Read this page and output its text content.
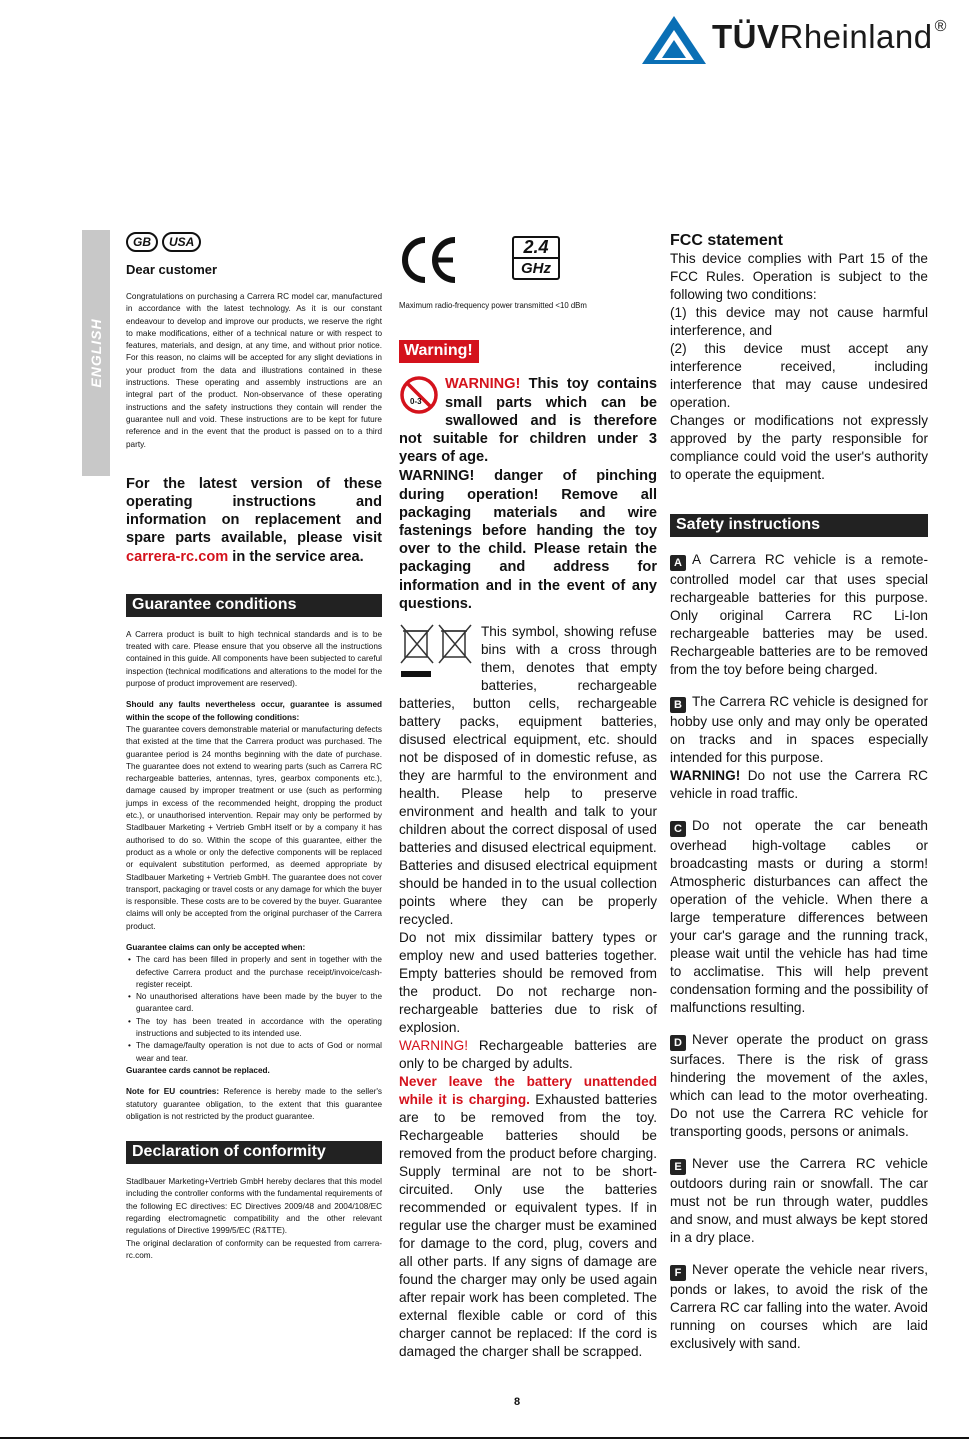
TÜVRheinland ®
ENGLISH
GB USA
Dear customer

Congratulations on purchasing a Carrera RC model car, manufactured in accordance with the latest technology. As it is our constant endeavour to develop and improve our products, we reserve the right to make modifications, either of a technical nature or with respect to features, materials, and design, at any time, and without prior notice. For this reason, no claims will be accepted for any slight deviations in your product from the data and illustrations contained in these instructions. These operating and assembly instructions are an integral part of the product. Non-observance of these operating instructions and the safety instructions they contain will render the guarantee null and void. These instructions are to be kept for future reference and in the event that the product is passed on to a third party.

For the latest version of these operating instructions and information on replacement and spare parts available, please visit carrera-rc.com in the service area.

Guarantee conditions

A Carrera product is built to high technical standards and is to be treated with care. Please ensure that you observe all the instructions contained in this guide. All components have been subjected to careful inspection (technical modifications and alterations to the model for the purpose of product improvement are reserved).

Should any faults nevertheless occur, guarantee is assumed within the scope of the following conditions:

The guarantee covers demonstrable material or manufacturing defects that existed at the time that the Carrera product was purchased. The guarantee period is 24 months beginning with the date of purchase. The guarantee does not extend to wearing parts (such as Carrera RC rechargeable batteries, antennas, tyres, gearbox components etc.), damage caused by improper treatment or use (such as performing jumps in excess of the recommended height, dropping the product etc.), or unauthorised intervention. Repair may only be performed by Stadlbauer Marketing + Vertrieb GmbH itself or by a company it has authorised to do so. Within the scope of this guarantee, either the product as a whole or only the defective components will be replaced or equivalent substitution performed, as deemed appropriate by Stadlbauer Marketing + Vertrieb GmbH. The guarantee does not cover transport, packaging or travel costs or any damage for which the buyer is responsible. These costs are to be covered by the buyer. Guarantee claims will only be accepted from the original purchaser of the Carrera product.

Guarantee claims can only be accepted when:

• The card has been filled in properly and sent in together with the defective Carrera product and the purchase receipt/invoice/cash-register receipt.
• No unauthorised alterations have been made by the buyer to the guarantee card.
• The toy has been treated in accordance with the operating instructions and subjected to its intended use.
• The damage/faulty operation is not due to acts of God or normal wear and tear.

Guarantee cards cannot be replaced.

Note for EU countries: Reference is hereby made to the seller's statutory guarantee obligation, to the extent that this guarantee obligation is not restricted by the product guarantee.

Declaration of conformity

Stadlbauer Marketing+Vertrieb GmbH hereby declares that this model including the controller conforms with the fundamental requirements of the following EC directives: EC Directives 2009/48 and 2004/108/EC regarding electromagnetic compatibility and the other relevant regulations of Directive 1999/5/EC (R&TTE).

The original declaration of conformity can be requested from carrera-rc.com.

2.4
GHz

Maximum radio-frequency power transmitted <10 dBm

Warning!
0-3

WARNING! This toy contains small parts which can be swallowed and is therefore not suitable for children under 3 years of age.

WARNING! danger of pinching during operation! Remove all packaging materials and wire fastenings before handing the toy over to the child. Please retain the packaging and address for information and in the event of any questions.

This symbol, showing refuse bins with a cross through them, denotes that empty batteries, rechargeable batteries, button cells, rechargeable battery packs, equipment batteries, disused electrical equipment, etc. should not be disposed of in domestic refuse, as they are harmful to the environment and health. Please help to preserve environment and health and talk to your children about the correct disposal of used batteries and disused electrical equipment.

Batteries and disused electrical equipment should be handed in to the usual collection points where they can be properly recycled.

Do not mix dissimilar battery types or employ new and used batteries together. Empty batteries should be removed from the product. Do not recharge non-rechargeable batteries due to risk of explosion.

WARNING! Rechargeable batteries are only to be charged by adults.

Never leave the battery unattended while it is charging. Exhausted batteries are to be removed from the toy. Rechargeable batteries should be removed from the product before charging. Supply terminal are not to be short-circuited. Only use the batteries recommended or equivalent types. If in regular use the charger must be examined for damage to the cord, plug, covers and all other parts. If any signs of damage are found the charger may only be used again after repair work has been completed. The external flexible cable or cord of this charger cannot be replaced: If the cord is damaged the charger shall be scrapped.

FCC statement

This device complies with Part 15 of the FCC Rules. Operation is subject to the following two conditions:

(1) this device may not cause harmful interference, and

(2) this device must accept any interference received, including interference that may cause undesired operation.

Changes or modifications not expressly approved by the party responsible for compliance could void the user's authority to operate the equipment.

Safety instructions

A A Carrera RC vehicle is a remote-controlled model car that uses special rechargeable batteries for this purpose. Only original Carrera RC Li-Ion rechargeable batteries may be used. Rechargeable batteries are to be removed from the toy before being charged.

B The Carrera RC vehicle is designed for hobby use only and may only be operated on tracks and in spaces especially intended for this purpose.

WARNING! Do not use the Carrera RC vehicle in road traffic.

C Do not operate the car beneath overhead high-voltage cables or broadcasting masts or during a storm! Atmospheric disturbances can affect the operation of the vehicle. When there a large temperature differences between your car's garage and the running track, please wait until the vehicle has had time to acclimatise. This will help prevent condensation forming and the possibility of malfunctions resulting.

D Never operate the product on grass surfaces. There is the risk of grass hindering the movement of the axles, which can lead to the motor overheating. Do not use the Carrera RC vehicle for transporting goods, persons or animals.

E Never use the Carrera RC vehicle outdoors during rain or snowfall. The car must not be run through water, puddles and snow, and must always be kept stored in a dry place.

F Never operate the vehicle near rivers, ponds or lakes, to avoid the risk of the Carrera RC car falling into the water. Avoid running on courses which are laid exclusively with sand.

8
